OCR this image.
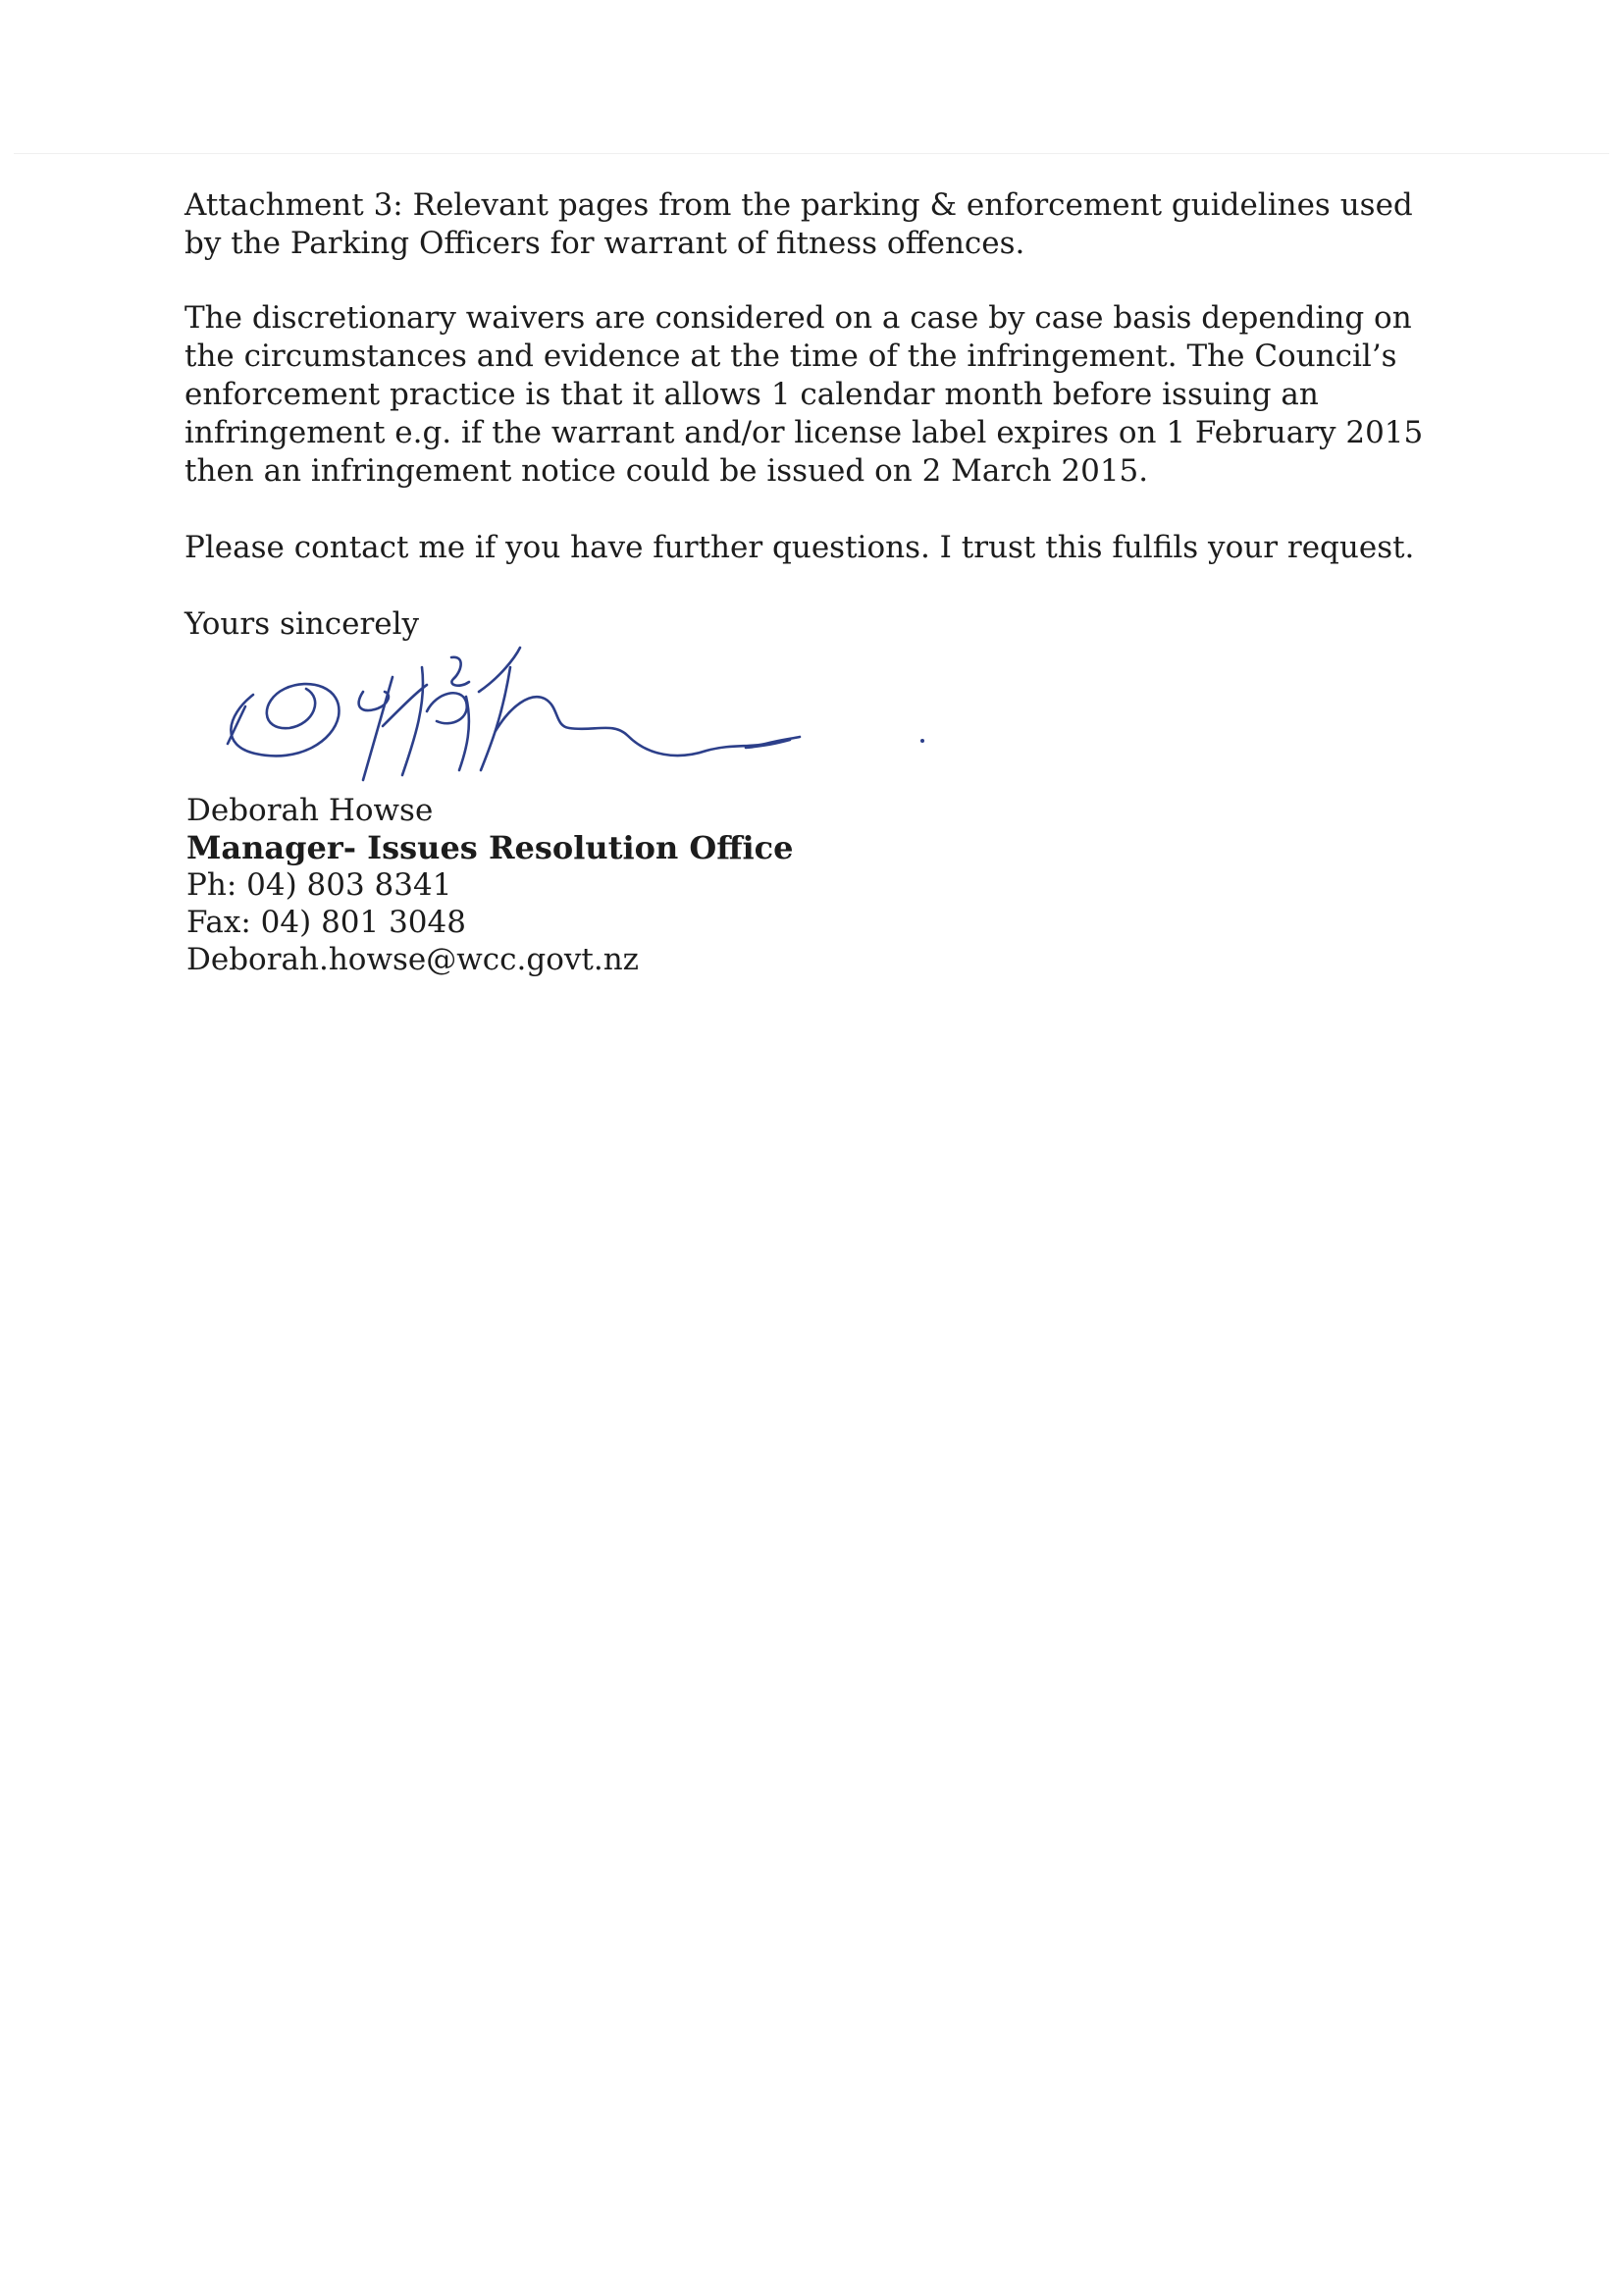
Attachment 3: Relevant pages from the parking & enforcement guidelines used by the Parking Officers for warrant of fitness offences.

The discretionary waivers are considered on a case by case basis depending on the circumstances and evidence at the time of the infringement. The Council’s enforcement practice is that it allows 1 calendar month before issuing an infringement e.g. if the warrant and/or license label expires on 1 February 2015 then an infringement notice could be issued on 2 March 2015.

Please contact me if you have further questions. I trust this fulfils your request.

Yours sincerely

Deborah Howse

Manager- Issues Resolution Office

Ph: 04) 803 8341

Fax: 04) 801 3048

Deborah.howse@wcc.govt.nz
